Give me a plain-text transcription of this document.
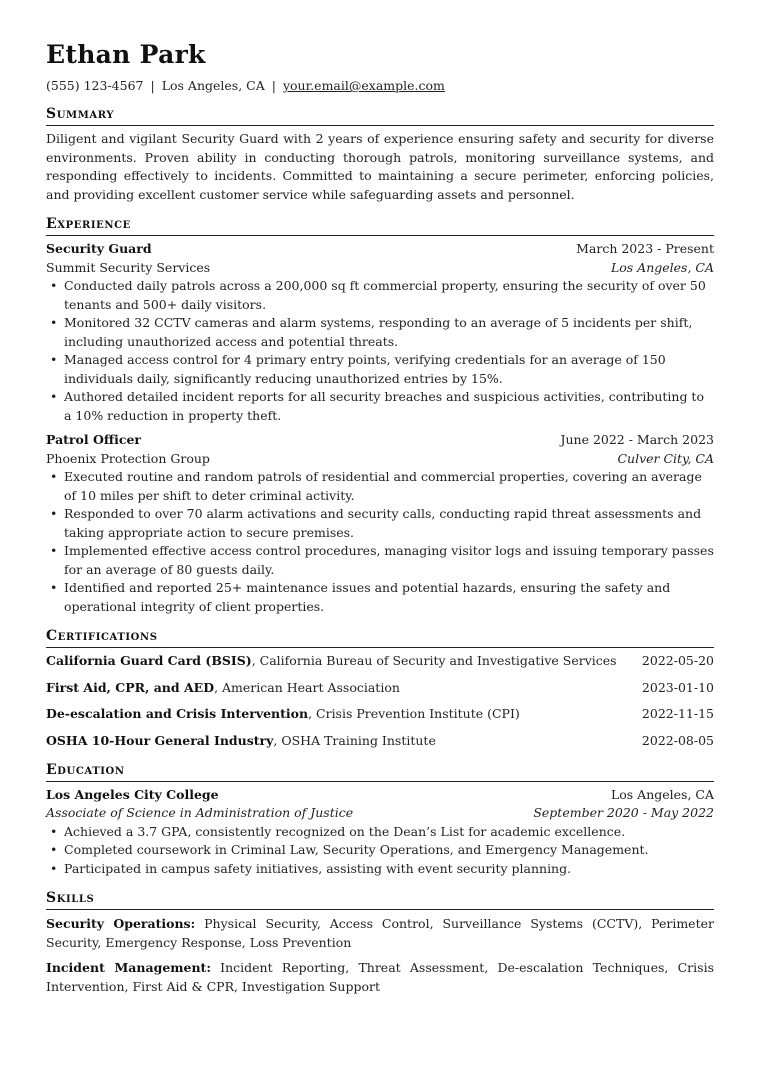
Ethan Park
(555) 123-4567 | Los Angeles, CA | your.email@example.com
Summary
Diligent and vigilant Security Guard with 2 years of experience ensuring safety and security for diverse environments. Proven ability in conducting thorough patrols, monitoring surveillance systems, and responding effectively to incidents. Committed to maintaining a secure perimeter, enforcing policies, and providing excellent customer service while safeguarding assets and personnel.
Experience
Security Guard	March 2023 - Present
Summit Security Services	Los Angeles, CA
• Conducted daily patrols across a 200,000 sq ft commercial property, ensuring the security of over 50 tenants and 500+ daily visitors.
• Monitored 32 CCTV cameras and alarm systems, responding to an average of 5 incidents per shift, including unauthorized access and potential threats.
• Managed access control for 4 primary entry points, verifying credentials for an average of 150 individuals daily, significantly reducing unauthorized entries by 15%.
• Authored detailed incident reports for all security breaches and suspicious activities, contributing to a 10% reduction in property theft.
Patrol Officer	June 2022 - March 2023
Phoenix Protection Group	Culver City, CA
• Executed routine and random patrols of residential and commercial properties, covering an average of 10 miles per shift to deter criminal activity.
• Responded to over 70 alarm activations and security calls, conducting rapid threat assessments and taking appropriate action to secure premises.
• Implemented effective access control procedures, managing visitor logs and issuing temporary passes for an average of 80 guests daily.
• Identified and reported 25+ maintenance issues and potential hazards, ensuring the safety and operational integrity of client properties.
Certifications
California Guard Card (BSIS), California Bureau of Security and Investigative Services 2022-05-20
First Aid, CPR, and AED, American Heart Association	2023-01-10
De-escalation and Crisis Intervention, Crisis Prevention Institute (CPI)	2022-11-15
OSHA 10-Hour General Industry, OSHA Training Institute	2022-08-05
Education
Los Angeles City College	Los Angeles, CA
Associate of Science in Administration of Justice	September 2020 - May 2022
• Achieved a 3.7 GPA, consistently recognized on the Dean’s List for academic excellence.
• Completed coursework in Criminal Law, Security Operations, and Emergency Management.
• Participated in campus safety initiatives, assisting with event security planning.
Skills
Security Operations: Physical Security, Access Control, Surveillance Systems (CCTV), Perimeter Security, Emergency Response, Loss Prevention
Incident Management: Incident Reporting, Threat Assessment, De-escalation Techniques, Crisis Intervention, First Aid & CPR, Investigation Support
